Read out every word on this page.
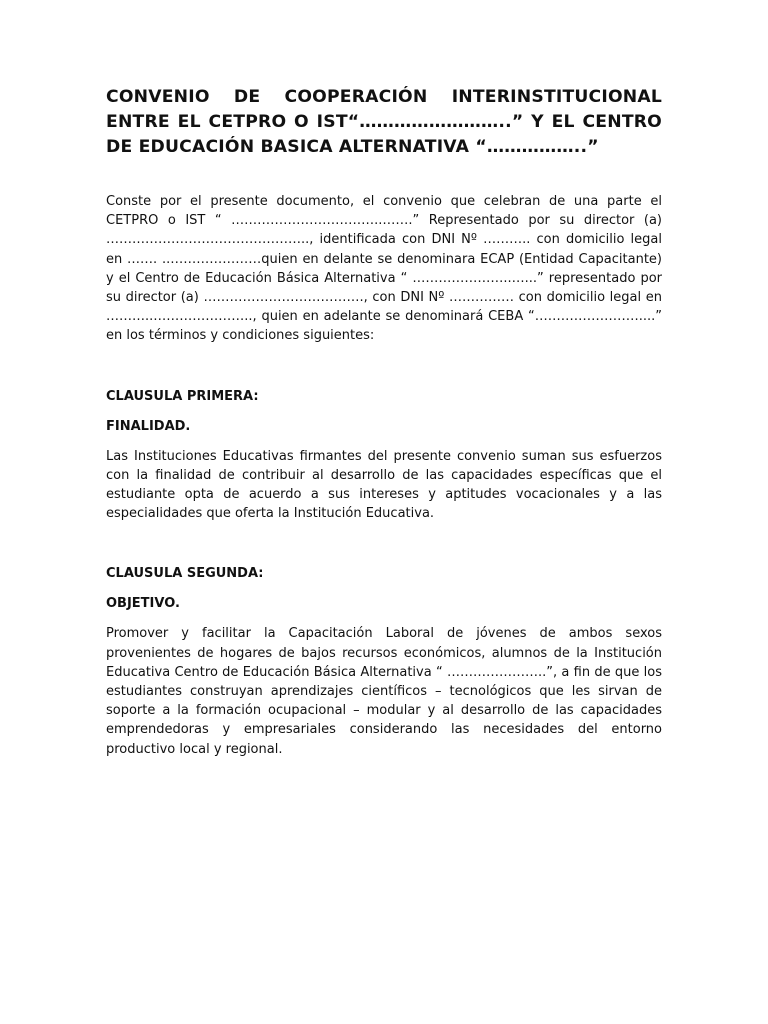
CONVENIO DE COOPERACIÓN INTERINSTITUCIONAL ENTRE EL CETPRO O IST“……………………..” Y EL CENTRO DE EDUCACIÓN BASICA ALTERNATIVA “……………..”

Conste por el presente documento, el convenio que celebran de una parte el CETPRO o IST “ ……………………………..…….” Representado por su director (a) ……………………………………….., identificada con DNI Nº ……….. con domicilio legal en ……. ..…………………quien en delante se denominara ECAP (Entidad Capacitante) y el Centro de Educación Básica Alternativa “ …………………..…...” representado por su director (a) ………………………………., con DNI Nº …………… con domicilio legal en ………..………………….., quien en adelante se denominará CEBA “……………………....” en los términos y condiciones siguientes:

CLAUSULA PRIMERA:

FINALIDAD.

Las Instituciones Educativas firmantes del presente convenio suman sus esfuerzos con la finalidad de contribuir al desarrollo de las capacidades específicas que el estudiante opta de acuerdo a sus intereses y aptitudes vocacionales y a las especialidades que oferta la Institución Educativa.

CLAUSULA SEGUNDA:

OBJETIVO.

Promover y facilitar la Capacitación Laboral de jóvenes de ambos sexos provenientes de hogares de bajos recursos económicos, alumnos de la Institución Educativa Centro de Educación Básica Alternativa “ …………………..”, a fin de que los estudiantes construyan aprendizajes científicos – tecnológicos que les sirvan de soporte a la formación ocupacional – modular y al desarrollo de las capacidades emprendedoras y empresariales considerando las necesidades del entorno productivo local y regional.
